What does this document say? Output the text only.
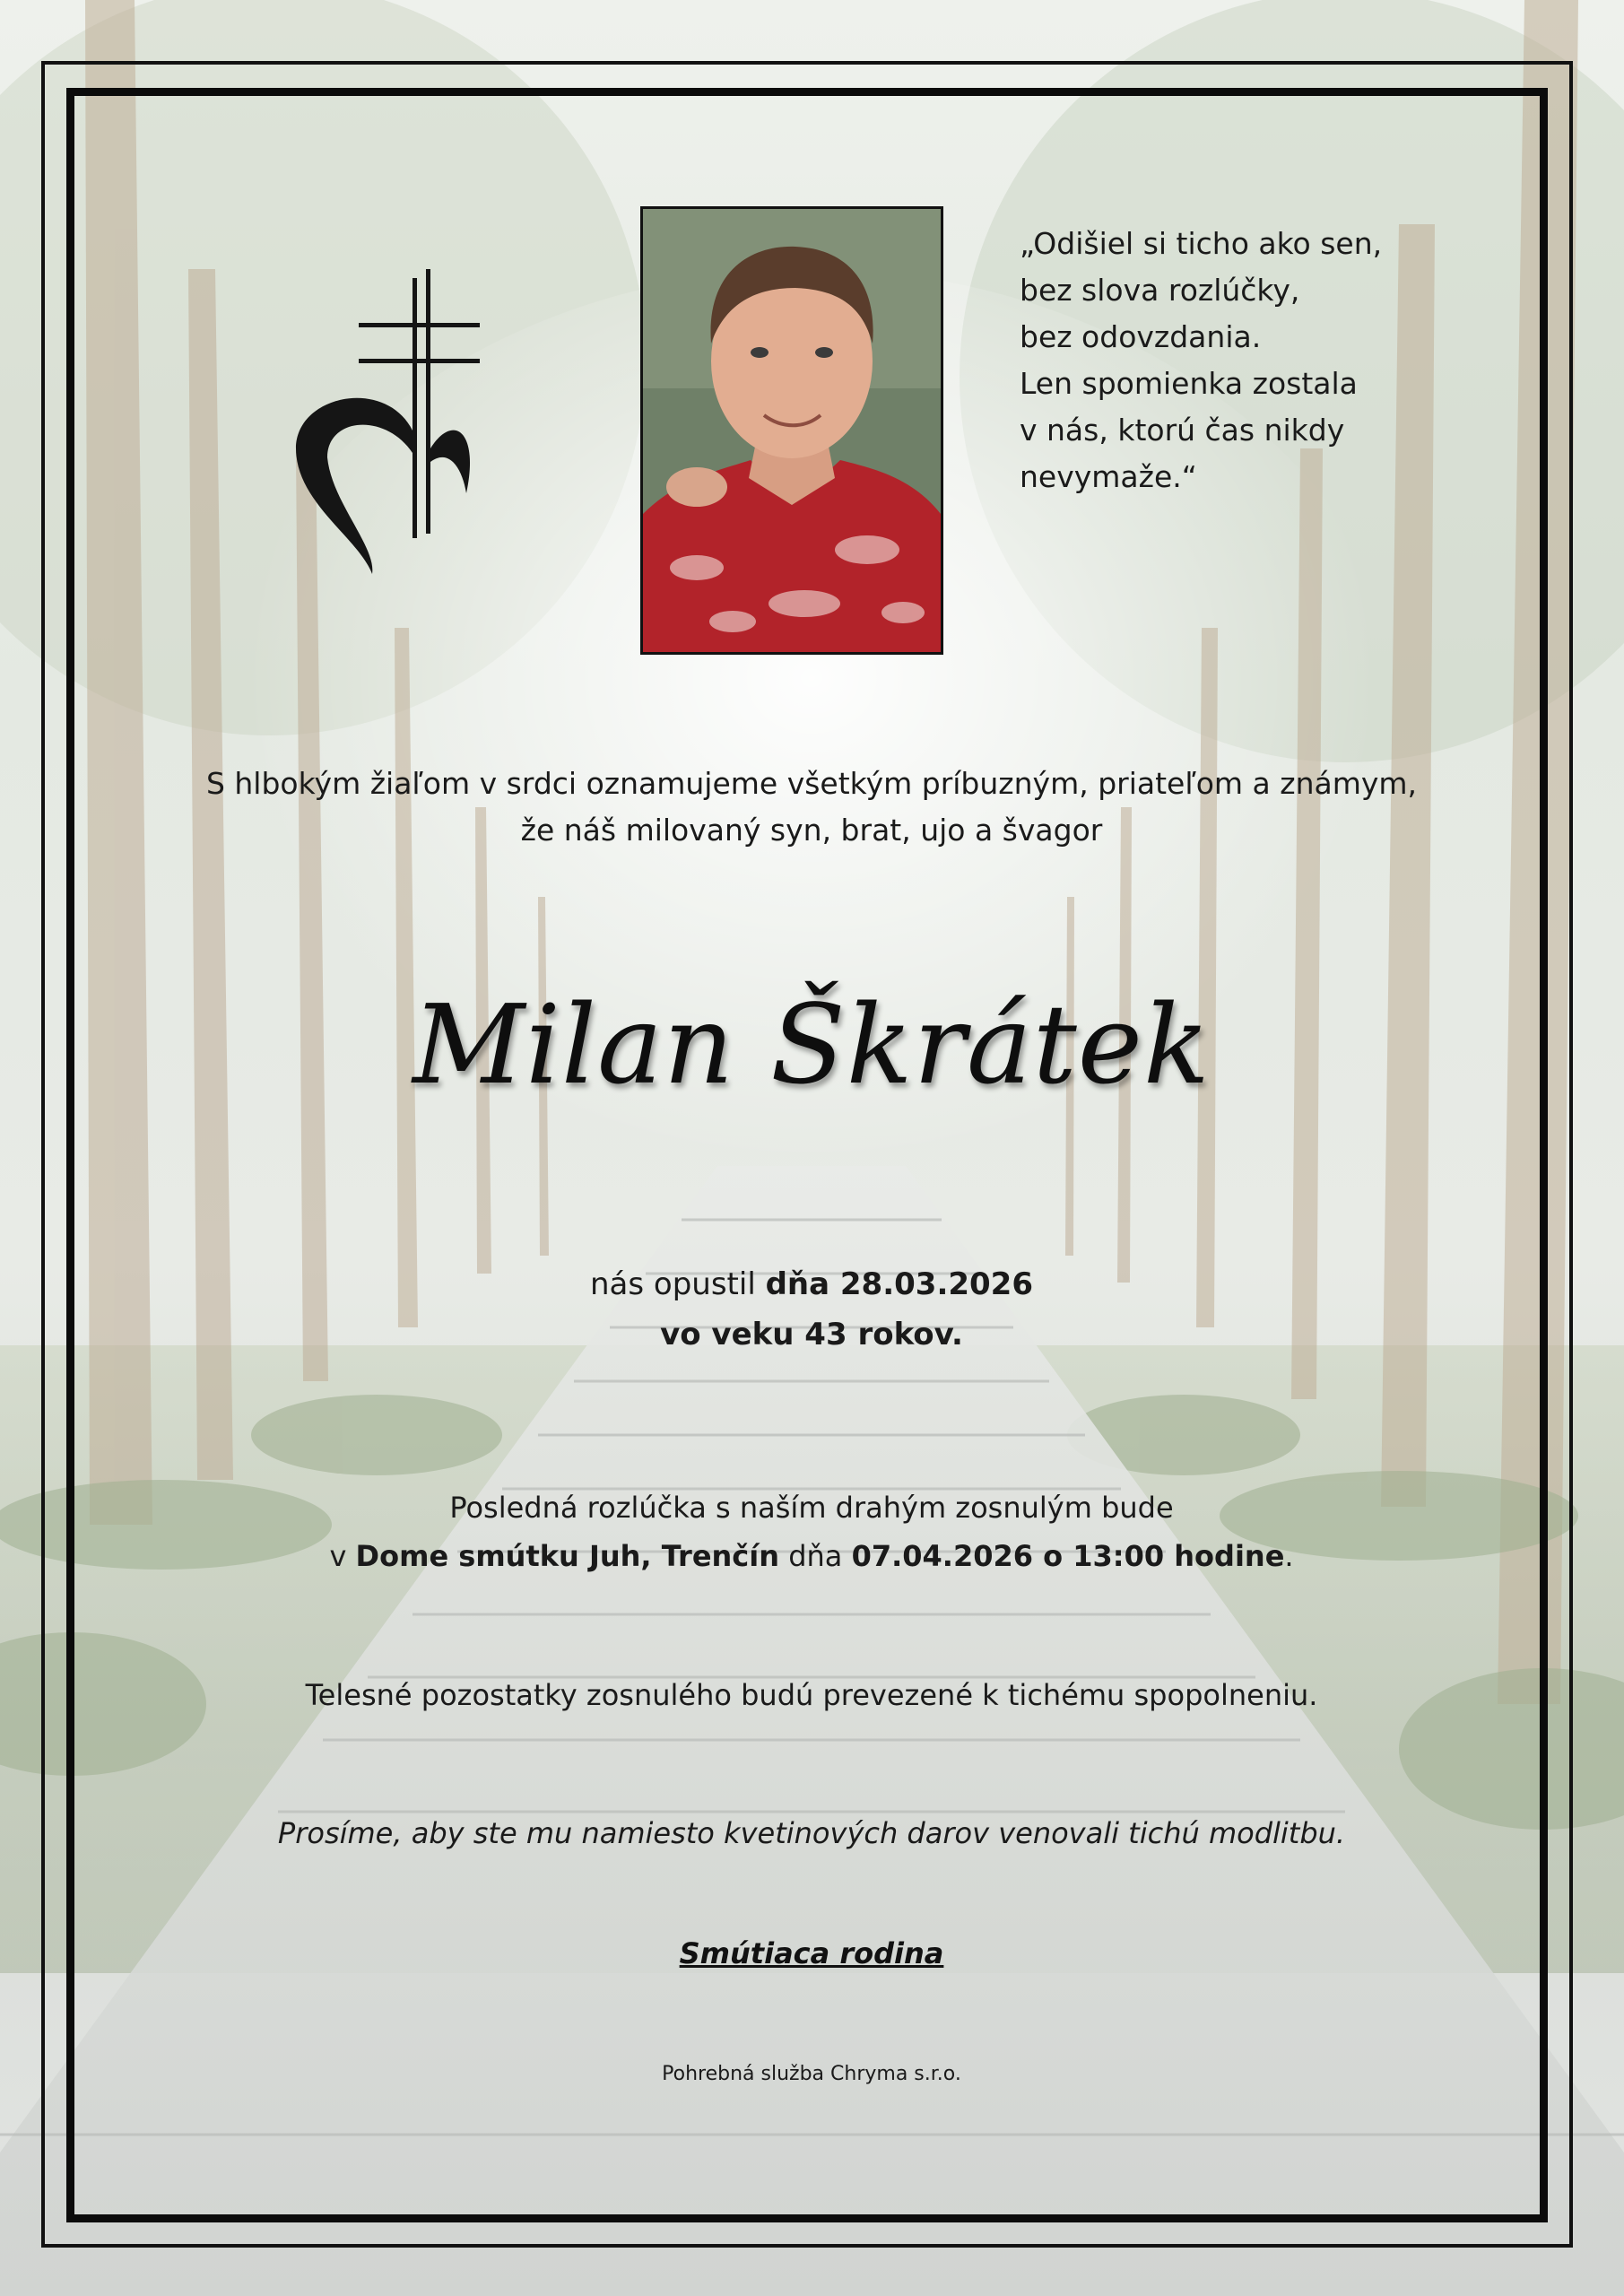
„Odišiel si ticho ako sen,
bez slova rozlúčky,
bez odovzdania.
Len spomienka zostala
v nás, ktorú čas nikdy
nevymaže.“
S hlbokým žiaľom v srdci oznamujeme všetkým príbuzným, priateľom a známym,
že náš milovaný syn, brat, ujo a švagor
Milan Škrátek
nás opustil dňa 28.03.2026
vo veku 43 rokov.
Posledná rozlúčka s naším drahým zosnulým bude
v Dome smútku Juh, Trenčín dňa 07.04.2026 o 13:00 hodine.
Telesné pozostatky zosnulého budú prevezené k tichému spopolneniu.
Prosíme, aby ste mu namiesto kvetinových darov venovali tichú modlitbu.
Smútiaca rodina
Pohrebná služba Chryma s.r.o.
